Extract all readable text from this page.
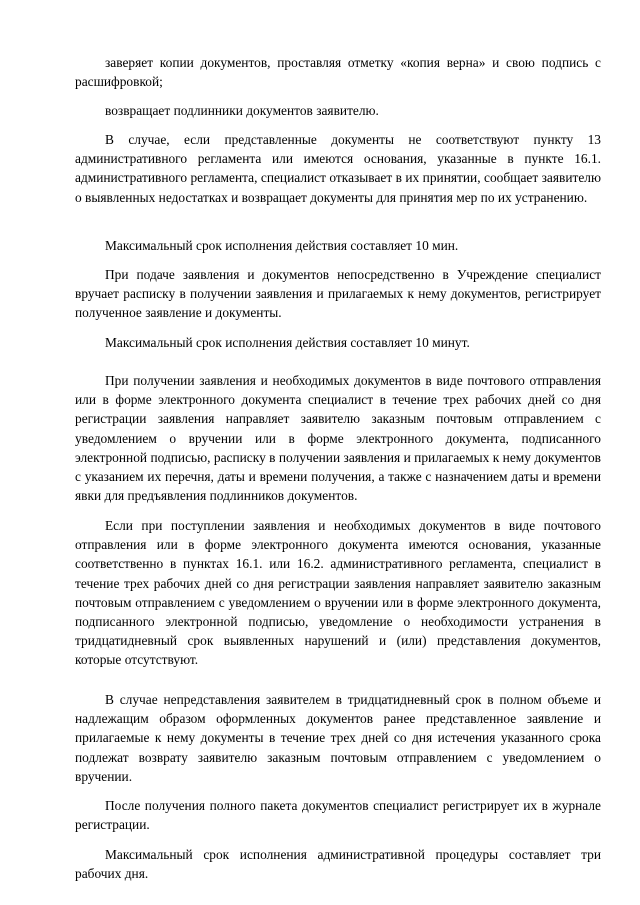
заверяет копии документов, проставляя отметку «копия верна» и свою подпись с расшифровкой;

возвращает подлинники документов заявителю.

В случае, если представленные документы не соответствуют пункту 13 административного регламента или имеются основания, указанные в пункте 16.1. административного регламента, специалист отказывает в их принятии, сообщает заявителю о выявленных недостатках и возвращает документы для принятия мер по их устранению.

Максимальный срок исполнения действия составляет 10 мин.

При подаче заявления и документов непосредственно в Учреждение специалист вручает расписку в получении заявления и прилагаемых к нему документов, регистрирует полученное заявление и документы.

Максимальный срок исполнения действия составляет 10 минут.

При получении заявления и необходимых документов в виде почтового отправления или в форме электронного документа специалист в течение трех рабочих дней со дня регистрации заявления направляет заявителю заказным почтовым отправлением с уведомлением о вручении или в форме электронного документа, подписанного электронной подписью, расписку в получении заявления и прилагаемых к нему документов с указанием их перечня, даты и времени получения, а также с назначением даты и времени явки для предъявления подлинников документов.

Если при поступлении заявления и необходимых документов в виде почтового отправления или в форме электронного документа имеются основания, указанные соответственно в пунктах 16.1. или 16.2. административного регламента, специалист в течение трех рабочих дней со дня регистрации заявления направляет заявителю заказным почтовым отправлением с уведомлением о вручении или в форме электронного документа, подписанного электронной подписью, уведомление о необходимости устранения в тридцатидневный срок выявленных нарушений и (или) представления документов, которые отсутствуют.

В случае непредставления заявителем в тридцатидневный срок в полном объеме и надлежащим образом оформленных документов ранее представленное заявление и прилагаемые к нему документы в течение трех дней со дня истечения указанного срока подлежат возврату заявителю заказным почтовым отправлением с уведомлением о вручении.

После получения полного пакета документов специалист регистрирует их в журнале регистрации.

Максимальный срок исполнения административной процедуры составляет три рабочих дня.
